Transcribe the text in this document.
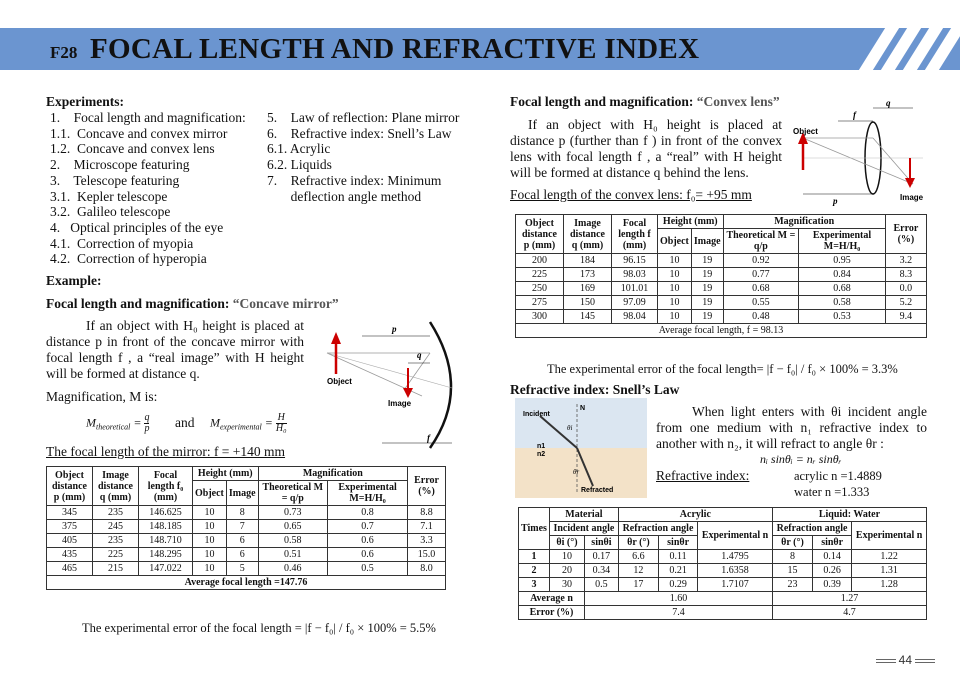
F28 FOCAL LENGTH AND REFRACTIVE INDEX
Experiments:
1.    Focal length and magnification:
1.1.  Concave and convex mirror
1.2.  Concave and convex lens
2.    Microscope featuring
3.    Telescope featuring
3.1.  Kepler telescope
3.2.  Galileo telescope
4.   Optical principles of the eye
4.1.  Correction of myopia
4.2.  Correction of hyperopia
5.    Law of reflection: Plane mirror
6.    Refractive index: Snell’s Law
6.1. Acrylic
6.2. Liquids
7.    Refractive index: Minimum
deflection angle method
Example:
Focal length and magnification: “Concave mirror”
If an object with H₀ height is placed at distance p in front of the concave mirror with focal length f , a “real image” with H height will be formed at distance q.
Magnification, M is:
$M_{theoretical} = q$

p and $M_{experimental} = H$

H₀
The focal length of the mirror: f = +140 mm
p
q
f
Object
Image
Object distance p (mm)	Image distance q (mm)	Focal length f₀ (mm)	Height (mm)		Magnification		Error (%)
			Object	Image	Theoretical M = q/p	Experimental M=H/H₀	
345	235	146.625	10	8	0.73	0.8	8.8
375	245	148.185	10	7	0.65	0.7	7.1
405	235	148.710	10	6	0.58	0.6	3.3
435	225	148.295	10	6	0.51	0.6	15.0
465	215	147.022	10	5	0.46	0.5	8.0
Average focal length =147.76							
The experimental error of the focal length = |f − f₀| / f₀ × 100% = 5.5%
Focal length and magnification: “Convex lens”
If an object with H₀ height is placed at distance p (further than f ) in front of the convex lens with focal length f , a “real” with H height will be formed at distance q behind the lens.
Focal length of the convex lens: f₀= +95 mm
f
q
p
Object
Image
Object distance p (mm)	Image distance q (mm)	Focal length f (mm)	Height (mm)		Magnification		Error (%)
			Object	Image	Theoretical M = q/p	Experimental M=H/H₀	
200	184	96.15	10	19	0.92	0.95	3.2
225	173	98.03	10	19	0.77	0.84	8.3
250	169	101.01	10	19	0.68	0.68	0.0
275	150	97.09	10	19	0.55	0.58	5.2
300	145	98.04	10	19	0.48	0.53	9.4
Average focal length, f = 98.13							
The experimental error of the focal length= |f − f₀| / f₀ × 100% = 3.3%
Refractive index: Snell’s Law
Incident
N
n1
n2
θi
θr
Refracted
When light enters with θi incident angle from one medium with n₁ refractive index to another with n₂, it will refract to angle θr :
nᵢ sinθᵢ = nᵣ sinθᵣ
Refractive index:	acrylic n =1.4889
water n =1.333
Times	Material		Acrylic			Liquid: Water		
	Incident angle		Refraction angle		Experimental n	Refraction angle		Experimental n
	θi (°)	sinθi	θr (°)	sinθr		θr (°)	sinθr	
1	10	0.17	6.6	0.11	1.4795	8	0.14	1.22
2	20	0.34	12	0.21	1.6358	15	0.26	1.31
3	30	0.5	17	0.29	1.7107	23	0.39	1.28
Average n		1.60				1.27		
Error (%)		7.4				4.7		
44
